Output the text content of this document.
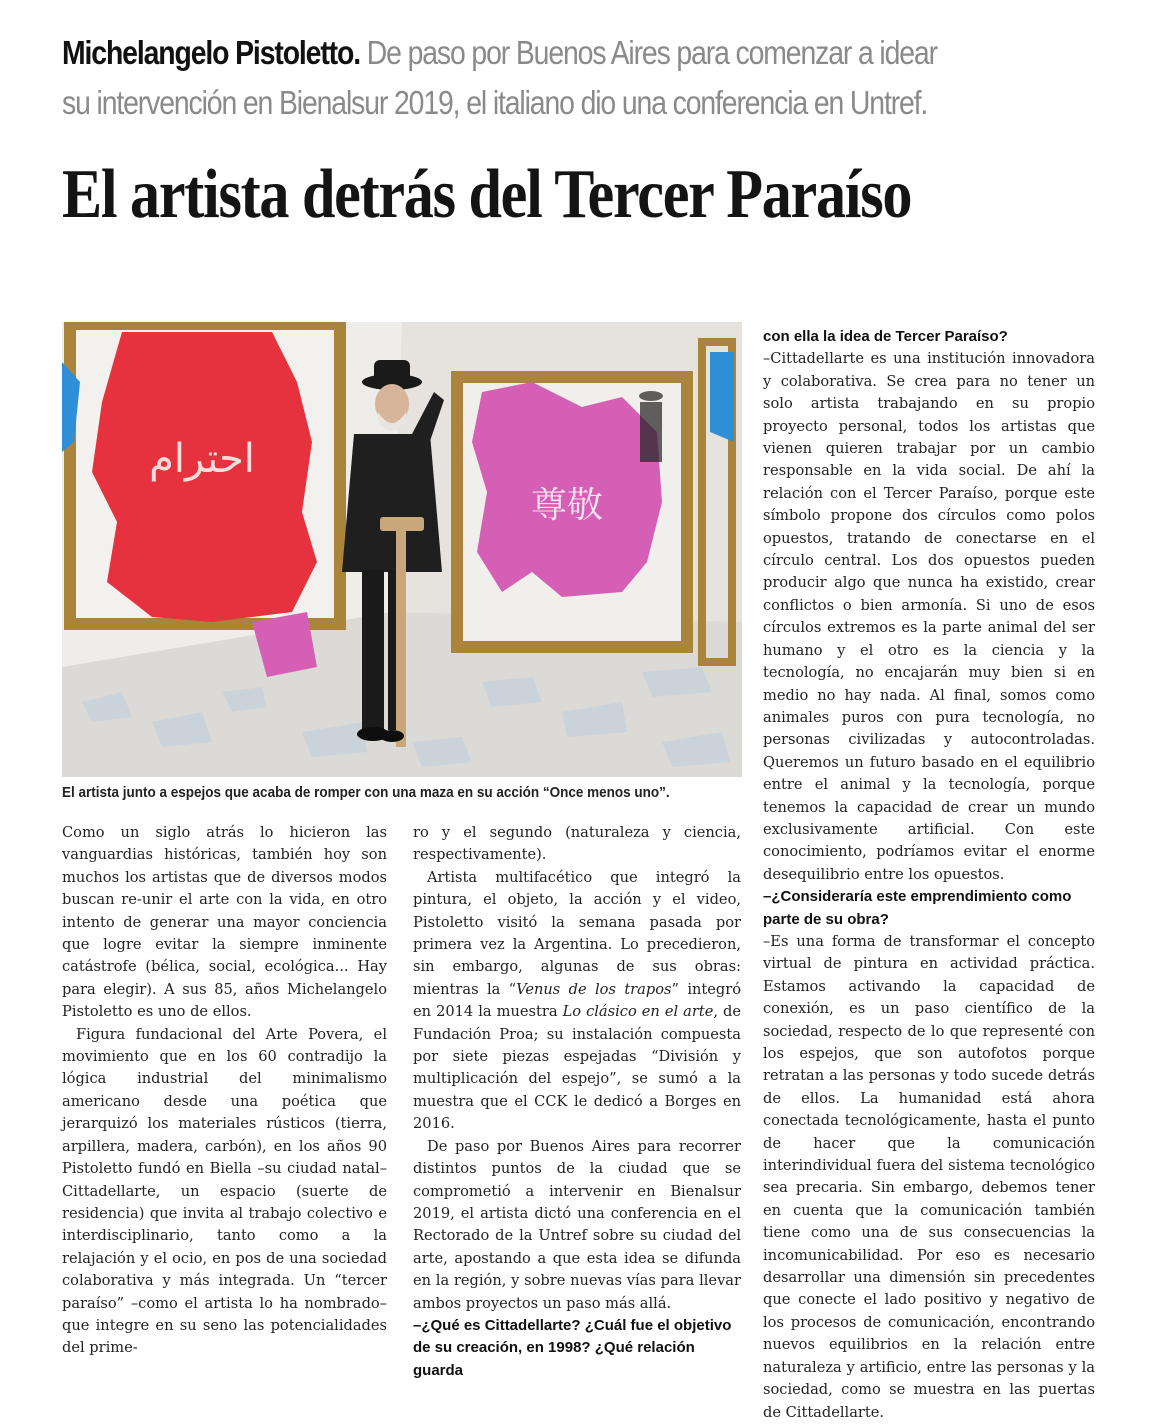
Michelangelo Pistoletto. De paso por Buenos Aires para comenzar a idear
su intervención en Bienalsur 2019, el italiano dio una conferencia en Untref.
El artista detrás del Tercer Paraíso
احترام
尊敬
El artista junto a espejos que acaba de romper con una maza en su acción “Once menos uno”.

Como un siglo atrás lo hicieron las vanguardias históricas, también hoy son muchos los artistas que de diversos modos buscan re-unir el arte con la vida, en otro intento de generar una mayor conciencia que logre evitar la siempre inminente catástrofe (bélica, social, ecológica... Hay para elegir). A sus 85, años Michelangelo Pistoletto es uno de ellos.

Figura fundacional del Arte Povera, el movimiento que en los 60 contradijo la lógica industrial del minimalismo americano desde una poética que jerarquizó los materiales rústicos (tierra, arpillera, madera, carbón), en los años 90 Pistoletto fundó en Biella –su ciudad natal– Cittadellarte, un espacio (suerte de residencia) que invita al trabajo colectivo e interdisciplinario, tanto como a la relajación y el ocio, en pos de una sociedad colaborativa y más integrada. Un “tercer paraíso” –como el artista lo ha nombrado– que integre en su seno las potencialidades del prime-

ro y el segundo (naturaleza y ciencia, respectivamente).

Artista multifacético que integró la pintura, el objeto, la acción y el video, Pistoletto visitó la semana pasada por primera vez la Argentina. Lo precedieron, sin embargo, algunas de sus obras: mientras la “Venus de los trapos” integró en 2014 la muestra Lo clásico en el arte, de Fundación Proa; su instalación compuesta por siete piezas espejadas “División y multiplicación del espejo”, se sumó a la muestra que el CCK le dedicó a Borges en 2016.

De paso por Buenos Aires para recorrer distintos puntos de la ciudad que se comprometió a intervenir en Bienalsur 2019, el artista dictó una conferencia en el Rectorado de la Untref sobre su ciudad del arte, apostando a que esta idea se difunda en la región, y sobre nuevas vías para llevar ambos proyectos un paso más allá.

–¿Qué es Cittadellarte? ¿Cuál fue el objetivo de su creación, en 1998? ¿Qué relación guarda

con ella la idea de Tercer Paraíso?

–Cittadellarte es una institución innovadora y colaborativa. Se crea para no tener un solo artista trabajando en su propio proyecto personal, todos los artistas que vienen quieren trabajar por un cambio responsable en la vida social. De ahí la relación con el Tercer Paraíso, porque este símbolo propone dos círculos como polos opuestos, tratando de conectarse en el círculo central. Los dos opuestos pueden producir algo que nunca ha existido, crear conflictos o bien armonía. Si uno de esos círculos extremos es la parte animal del ser humano y el otro es la ciencia y la tecnología, no encajarán muy bien si en medio no hay nada. Al final, somos como animales puros con pura tecnología, no personas civilizadas y autocontroladas. Queremos un futuro basado en el equilibrio entre el animal y la tecnología, porque tenemos la capacidad de crear un mundo exclusivamente artificial. Con este conocimiento, podríamos evitar el enorme desequilibrio entre los opuestos.

–¿Consideraría este emprendimiento como parte de su obra?

–Es una forma de transformar el concepto virtual de pintura en actividad práctica. Estamos activando la capacidad de conexión, es un paso científico de la sociedad, respecto de lo que representé con los espejos, que son autofotos porque retratan a las personas y todo sucede detrás de ellos. La humanidad está ahora conectada tecnológicamente, hasta el punto de hacer que la comunicación interindividual fuera del sistema tecnológico sea precaria. Sin embargo, debemos tener en cuenta que la comunicación también tiene como una de sus consecuencias la incomunicabilidad. Por eso es necesario desarrollar una dimensión sin precedentes que conecte el lado positivo y negativo de los procesos de comunicación, encontrando nuevos equilibrios en la relación entre naturaleza y artificio, entre las personas y la sociedad, como se muestra en las puertas de Cittadellarte.
